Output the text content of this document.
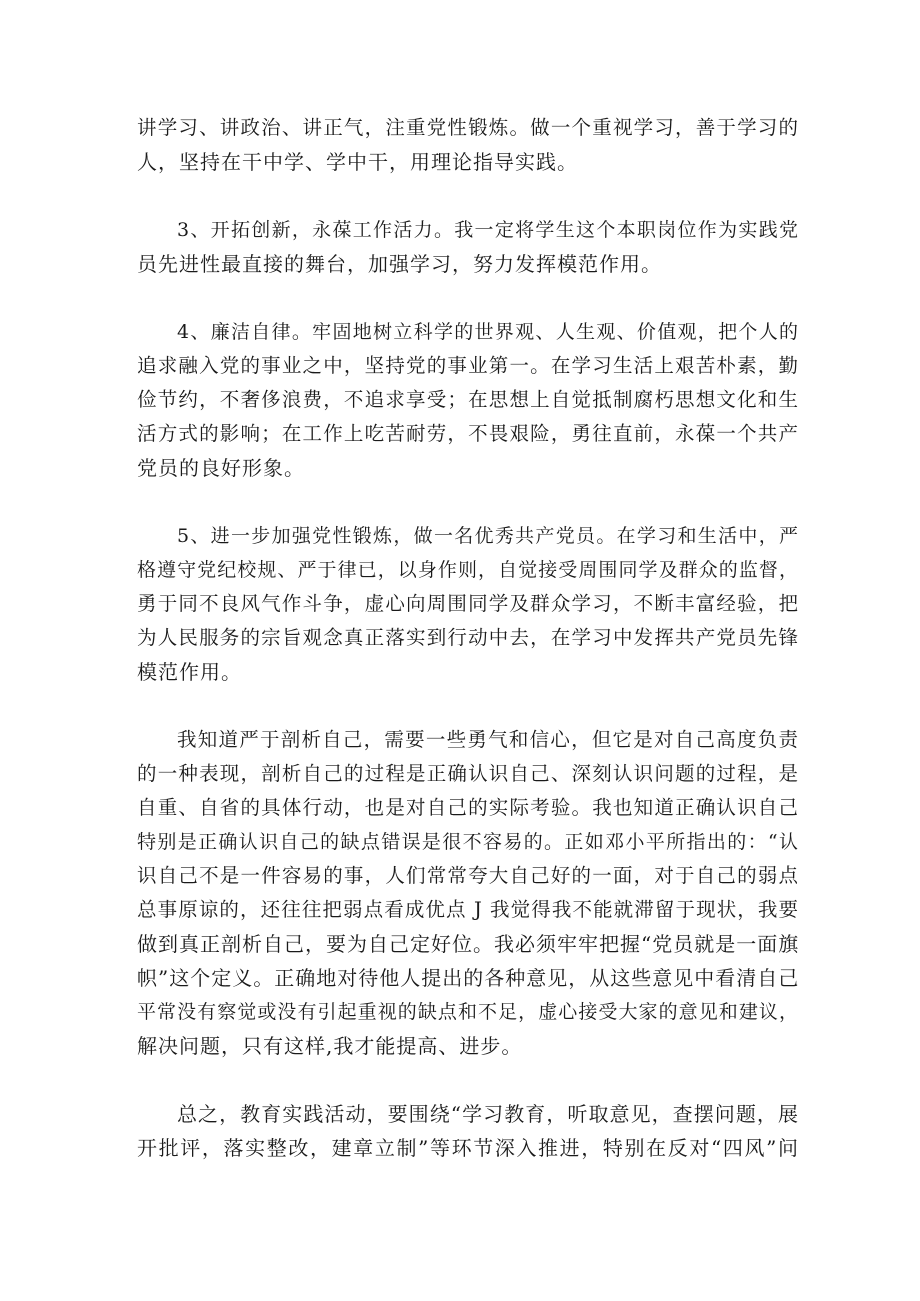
讲学习、讲政治、讲正气，注重党性锻炼。做一个重视学习，善于学习的
人，坚持在干中学、学中干，用理论指导实践。
3、开拓创新，永葆工作活力。我一定将学生这个本职岗位作为实践党
员先进性最直接的舞台，加强学习，努力发挥模范作用。
4、廉洁自律。牢固地树立科学的世界观、人生观、价值观，把个人的
追求融入党的事业之中，坚持党的事业第一。在学习生活上艰苦朴素，勤
俭节约，不奢侈浪费，不追求享受；在思想上自觉抵制腐朽思想文化和生
活方式的影响；在工作上吃苦耐劳，不畏艰险，勇往直前，永葆一个共产
党员的良好形象。
5、进一步加强党性锻炼，做一名优秀共产党员。在学习和生活中，严
格遵守党纪校规、严于律已，以身作则，自觉接受周围同学及群众的监督，
勇于同不良风气作斗争，虚心向周围同学及群众学习，不断丰富经验，把
为人民服务的宗旨观念真正落实到行动中去，在学习中发挥共产党员先锋
模范作用。
我知道严于剖析自己，需要一些勇气和信心，但它是对自己高度负责
的一种表现，剖析自己的过程是正确认识自己、深刻认识问题的过程，是
自重、自省的具体行动，也是对自己的实际考验。我也知道正确认识自己
特别是正确认识自己的缺点错误是很不容易的。正如邓小平所指出的：“认
识自己不是一件容易的事，人们常常夸大自己好的一面，对于自己的弱点
总事原谅的，还往往把弱点看成优点 J 我觉得我不能就滞留于现状，我要
做到真正剖析自己，要为自己定好位。我必须牢牢把握“党员就是一面旗
帜”这个定义。正确地对待他人提出的各种意见，从这些意见中看清自己
平常没有察觉或没有引起重视的缺点和不足，虚心接受大家的意见和建议，
解决问题，只有这样,我才能提高、进步。
总之，教育实践活动，要围绕“学习教育，听取意见，查摆问题，展
开批评，落实整改，建章立制”等环节深入推进，特别在反对“四风”问
